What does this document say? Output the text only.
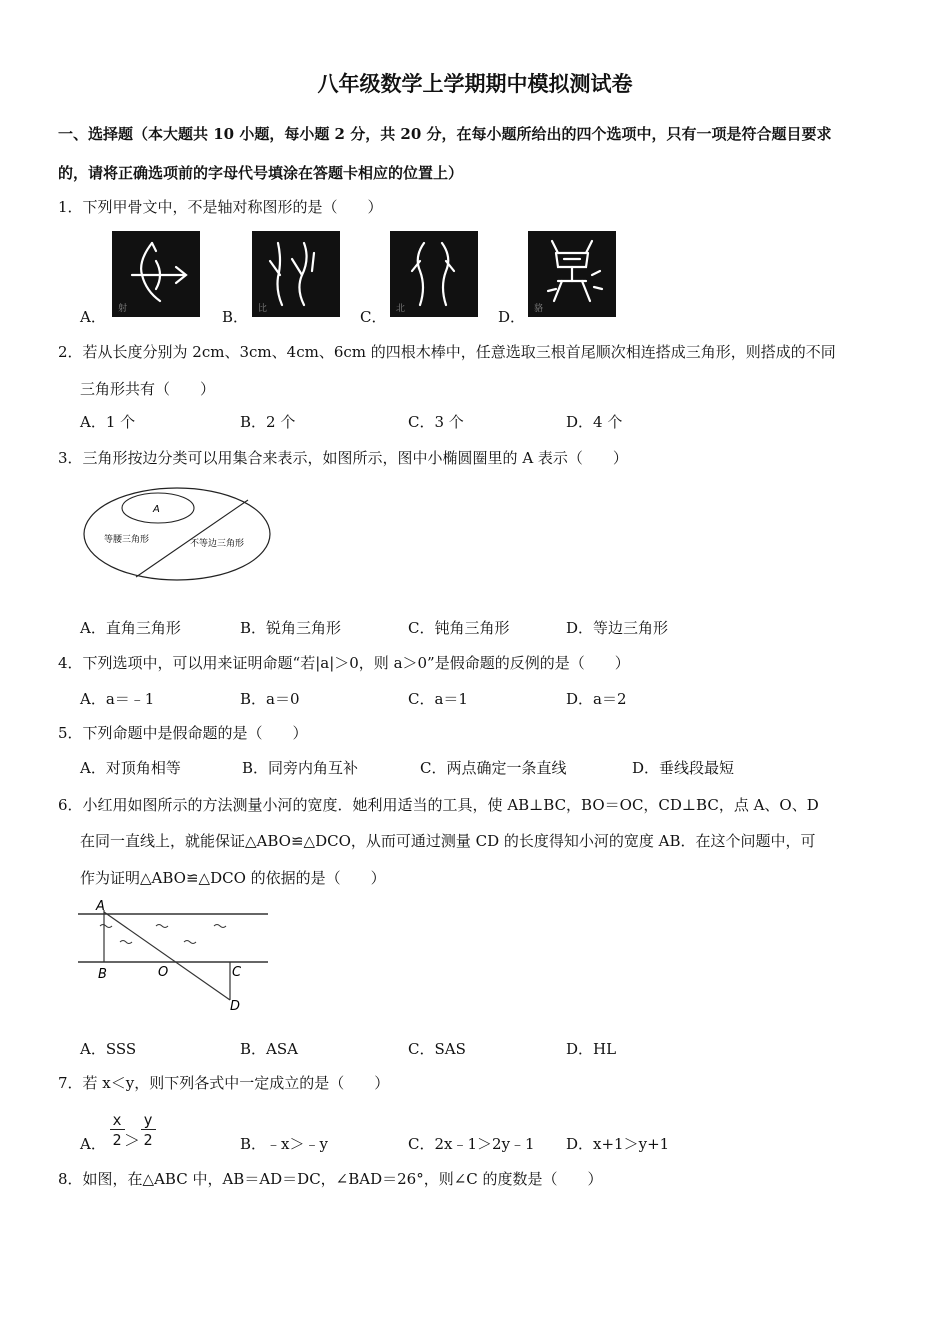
八年级数学上学期期中模拟测试卷
一、选择题（本大题共 10 小题，每小题 2 分，共 20 分，在每小题所给出的四个选项中，只有一项是符合题目要求
的，请将正确选项前的字母代号填涂在答题卡相应的位置上）
1．下列甲骨文中，不是轴对称图形的是（　　）
射	比	北	貉
A．	B．	C．	D．
2．若从长度分别为 2cm、3cm、4cm、6cm 的四根木棒中，任意选取三根首尾顺次相连搭成三角形，则搭成的不同
三角形共有（　　）
A．1 个	B．2 个	C．3 个	D．4 个
3．三角形按边分类可以用集合来表示，如图所示，图中小椭圆圈里的 A 表示（　　）
A
等腰三角形	不等边三角形
A．直角三角形	B．锐角三角形	C．钝角三角形	D．等边三角形
4．下列选项中，可以用来证明命题“若|a|＞0，则 a＞0”是假命题的反例的是（　　）
A．a＝﹣1	B．a＝0	C．a＝1	D．a＝2
5．下列命题中是假命题的是（　　）
A．对顶角相等	B．同旁内角互补	C．两点确定一条直线	D．垂线段最短
6．小红用如图所示的方法测量小河的宽度．她利用适当的工具，使 AB⊥BC，BO＝OC，CD⊥BC，点 A、O、D
在同一直线上，就能保证△ABO≌△DCO，从而可通过测量 CD 的长度得知小河的宽度 AB．在这个问题中，可
作为证明△ABO≌△DCO 的依据的是（　　）
A
B	O	C
D
A．SSS	B．ASA	C．SAS	D．HL
7．若 x＜y，则下列各式中一定成立的是（　　）
A．
x
2 ＞
y
2	B．﹣x＞﹣y	C．2x﹣1＞2y﹣1 D．x+1＞y+1
8．如图，在△ABC 中，AB＝AD＝DC，∠BAD＝26°，则∠C 的度数是（　　）
